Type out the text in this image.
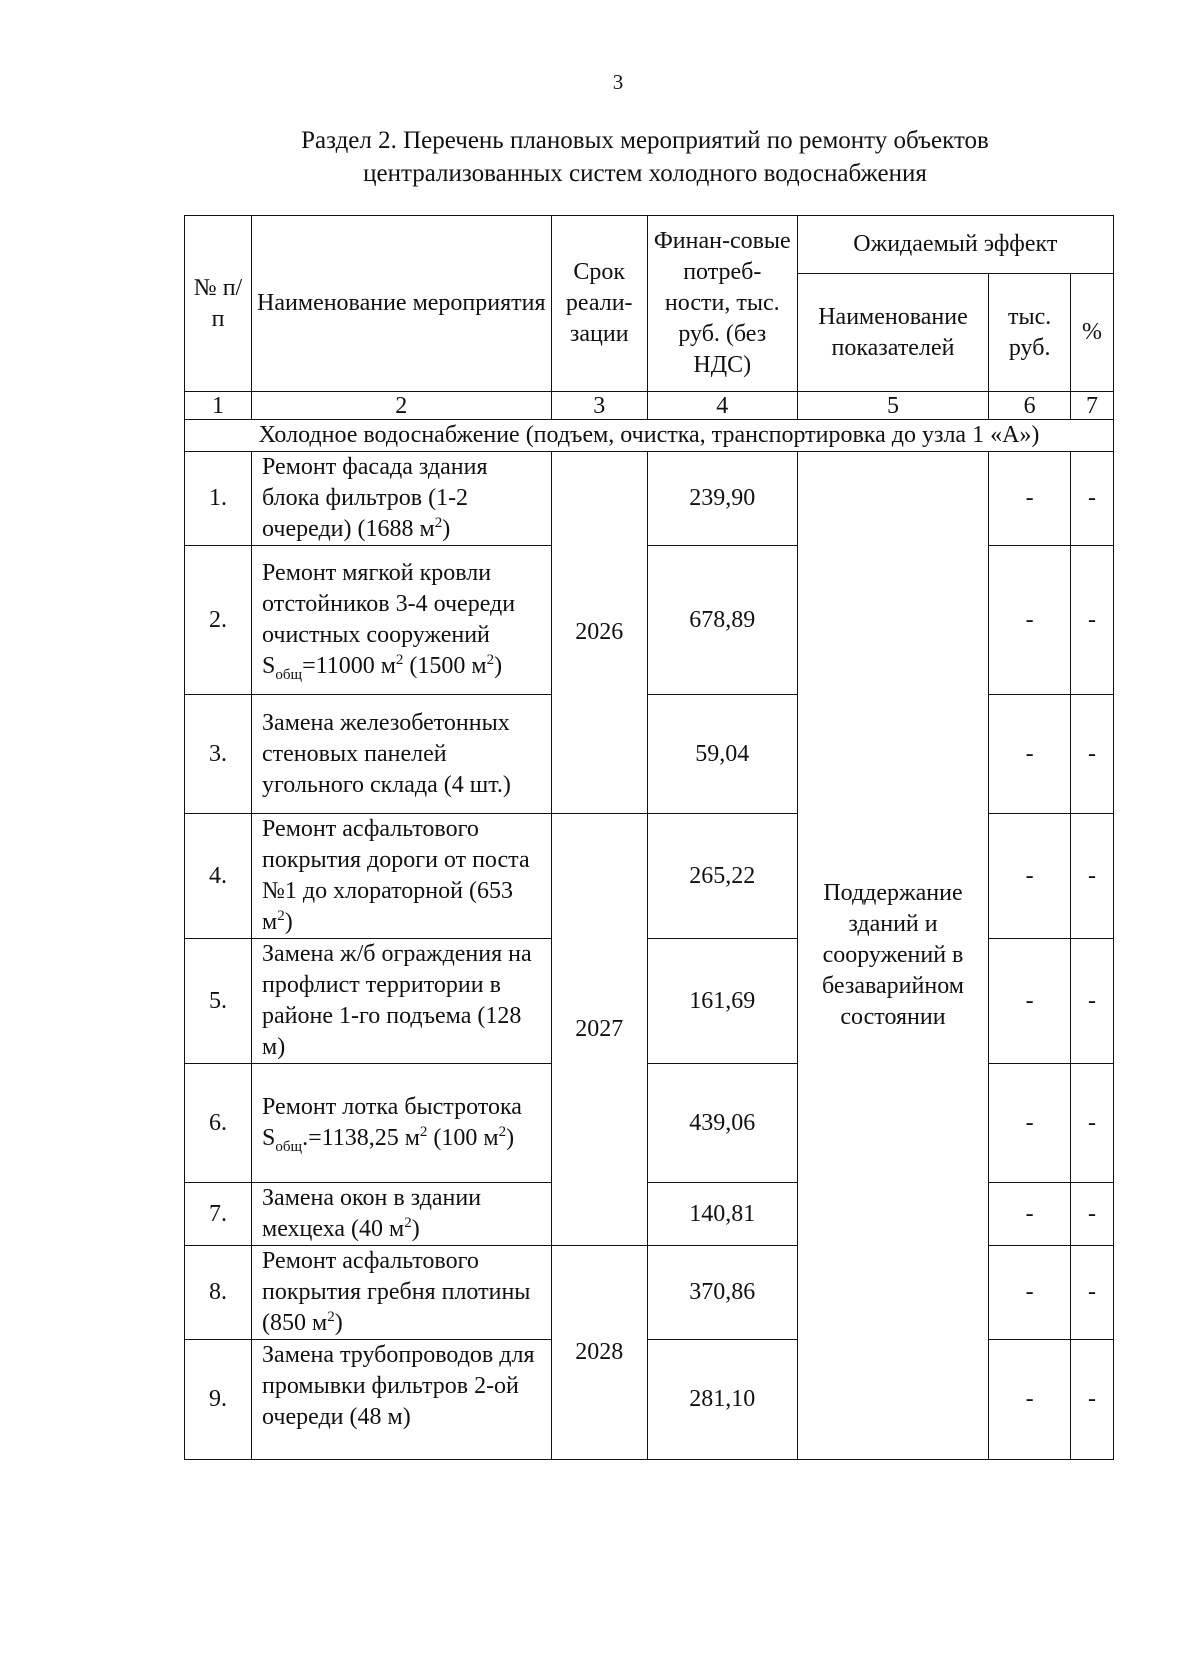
3
Раздел 2. Перечень плановых мероприятий по ремонту объектов
централизованных систем холодного водоснабжения
№ п/п	Наименование мероприятия	Срок реали-зации	Финан-совые потреб-ности, тыс. руб. (без НДС)	Ожидаемый эффект		
				Наименование показателей	тыс. руб.	%
1	2	3	4	5	6	7
Холодное водоснабжение (подъем, очистка, транспортировка до узла 1 «А»)						
1.	Ремонт фасада здания блока фильтров (1-2 очереди) (1688 $м^2$)	2026	239,90	Поддержание зданий и сооружений в безаварийном состоянии	-	-
2.	Ремонт мягкой кровли отстойников 3-4 очереди очистных сооружений $S_{общ}=11000$ $м^2$ (1500 $м^2$)		678,89		-	-
3.	Замена железобетонных стеновых панелей угольного склада (4 шт.)		59,04		-	-
4.	Ремонт асфальтового покрытия дороги от поста №1 до хлораторной (653 $м^2$)	2027	265,22		-	-
5.	Замена ж/б ограждения на профлист территории в районе 1-го подъема (128 м)		161,69		-	-
6.	Ремонт лотка быстротока $S_{общ}.=1138,25$ $м^2$ (100 $м^2$)		439,06		-	-
7.	Замена окон в здании мехцеха (40 $м^2$)		140,81		-	-
8.	Ремонт асфальтового покрытия гребня плотины (850 $м^2$)	2028	370,86		-	-
9.	Замена трубопроводов для промывки фильтров 2-ой очереди (48 м)		281,10		-	-
